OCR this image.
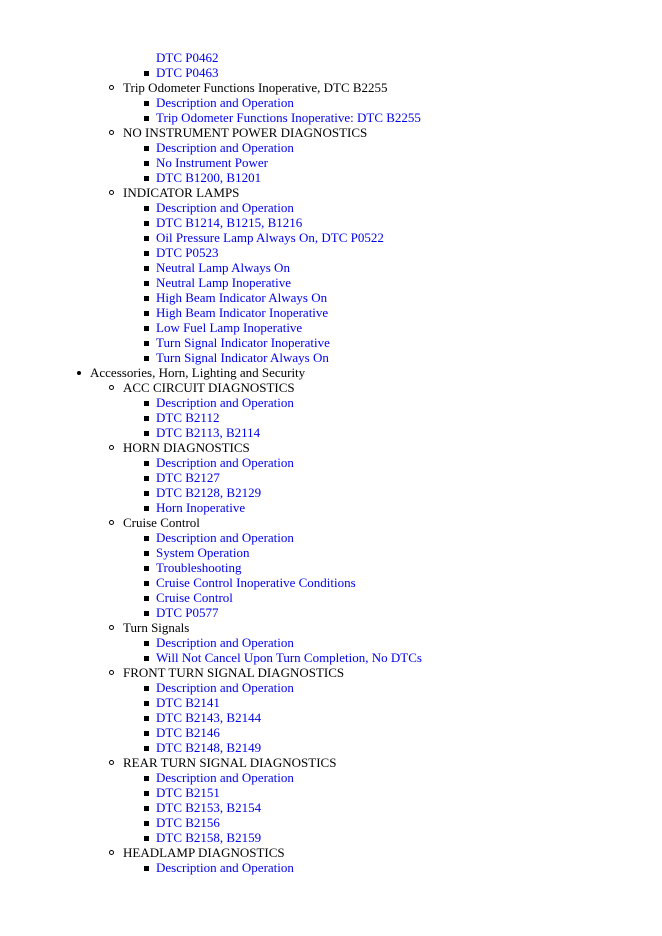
DTC P0462
DTC P0463
Trip Odometer Functions Inoperative, DTC B2255
Description and Operation
Trip Odometer Functions Inoperative: DTC B2255
NO INSTRUMENT POWER DIAGNOSTICS
Description and Operation
No Instrument Power
DTC B1200, B1201
INDICATOR LAMPS
Description and Operation
DTC B1214, B1215, B1216
Oil Pressure Lamp Always On, DTC P0522
DTC P0523
Neutral Lamp Always On
Neutral Lamp Inoperative
High Beam Indicator Always On
High Beam Indicator Inoperative
Low Fuel Lamp Inoperative
Turn Signal Indicator Inoperative
Turn Signal Indicator Always On
Accessories, Horn, Lighting and Security
ACC CIRCUIT DIAGNOSTICS
Description and Operation
DTC B2112
DTC B2113, B2114
HORN DIAGNOSTICS
Description and Operation
DTC B2127
DTC B2128, B2129
Horn Inoperative
Cruise Control
Description and Operation
System Operation
Troubleshooting
Cruise Control Inoperative Conditions
Cruise Control
DTC P0577
Turn Signals
Description and Operation
Will Not Cancel Upon Turn Completion, No DTCs
FRONT TURN SIGNAL DIAGNOSTICS
Description and Operation
DTC B2141
DTC B2143, B2144
DTC B2146
DTC B2148, B2149
REAR TURN SIGNAL DIAGNOSTICS
Description and Operation
DTC B2151
DTC B2153, B2154
DTC B2156
DTC B2158, B2159
HEADLAMP DIAGNOSTICS
Description and Operation
